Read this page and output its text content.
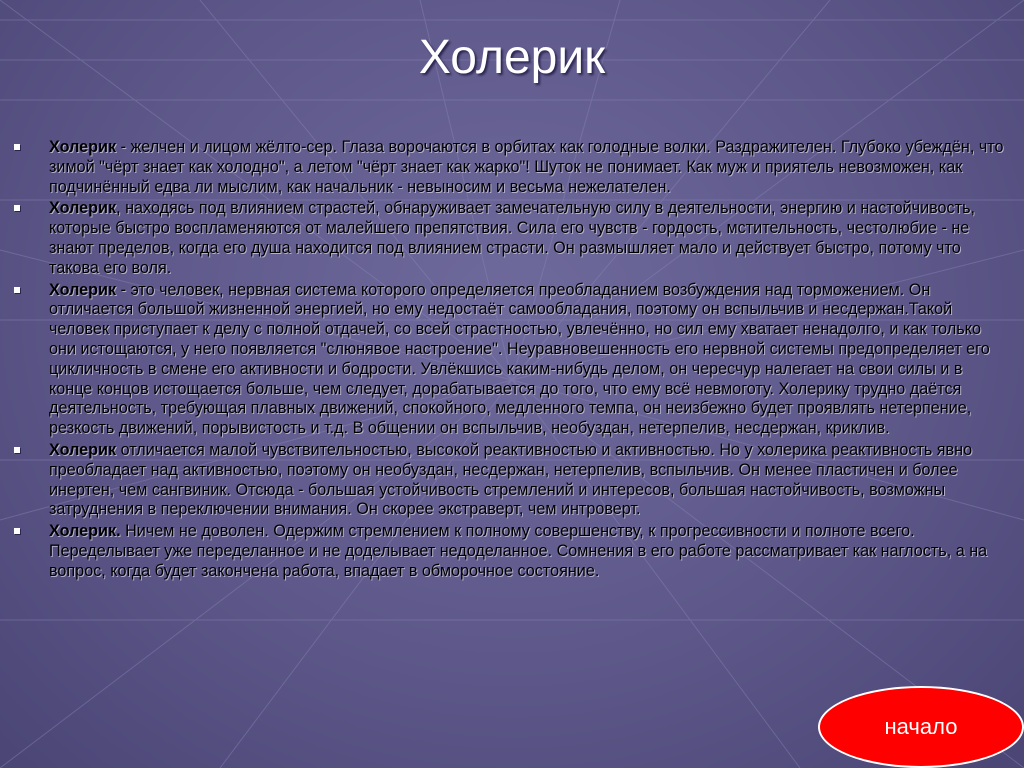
Холерик
Холерик - желчен и лицом жёлто-сер. Глаза ворочаются в орбитах как голодные волки. Раздражителен. Глубоко убеждён, что зимой "чёрт знает как холодно", а летом "чёрт знает как жарко"! Шуток не понимает. Как муж и приятель невозможен, как подчинённый едва ли мыслим, как начальник - невыносим и весьма нежелателен.
Холерик, находясь под влиянием страстей, обнаруживает замечательную силу в деятельности, энергию и настойчивость, которые быстро воспламеняются от малейшего препятствия. Сила его чувств - гордость, мстительность, честолюбие - не знают пределов, когда его душа находится под влиянием страсти. Он размышляет мало и действует быстро, потому что такова его воля.
Холерик - это человек, нервная система которого определяется преобладанием возбуждения над торможением. Он отличается большой жизненной энергией, но ему недостаёт самообладания, поэтому он вспыльчив и несдержан.Такой человек приступает к делу с полной отдачей, со всей страстностью, увлечённо, но сил ему хватает ненадолго, и как только они истощаются, у него появляется "слюнявое настроение". Неуравновешенность его нервной системы предопределяет его цикличность в смене его активности и бодрости. Увлёкшись каким-нибудь делом, он чересчур налегает на свои силы и в конце концов истощается больше, чем следует, дорабатывается до того, что ему всё невмоготу. Холерику трудно даётся деятельность, требующая плавных движений, спокойного, медленного темпа, он неизбежно будет проявлять нетерпение, резкость движений, порывистость и т.д. В общении он вспыльчив, необуздан, нетерпелив, несдержан, криклив.
Холерик отличается малой чувствительностью, высокой реактивностью и активностью. Но у холерика реактивность явно преобладает над активностью, поэтому он необуздан, несдержан, нетерпелив, вспыльчив. Он менее пластичен и более инертен, чем сангвиник. Отсюда - большая устойчивость стремлений и интересов, большая настойчивость, возможны затруднения в переключении внимания. Он скорее экстраверт, чем интроверт.
Холерик. Ничем не доволен. Одержим стремлением к полному совершенству, к прогрессивности и полноте всего. Переделывает уже переделанное и не доделывает недоделанное. Сомнения в его работе рассматривает как наглость, а на вопрос, когда будет закончена работа, впадает в обморочное состояние.
начало
